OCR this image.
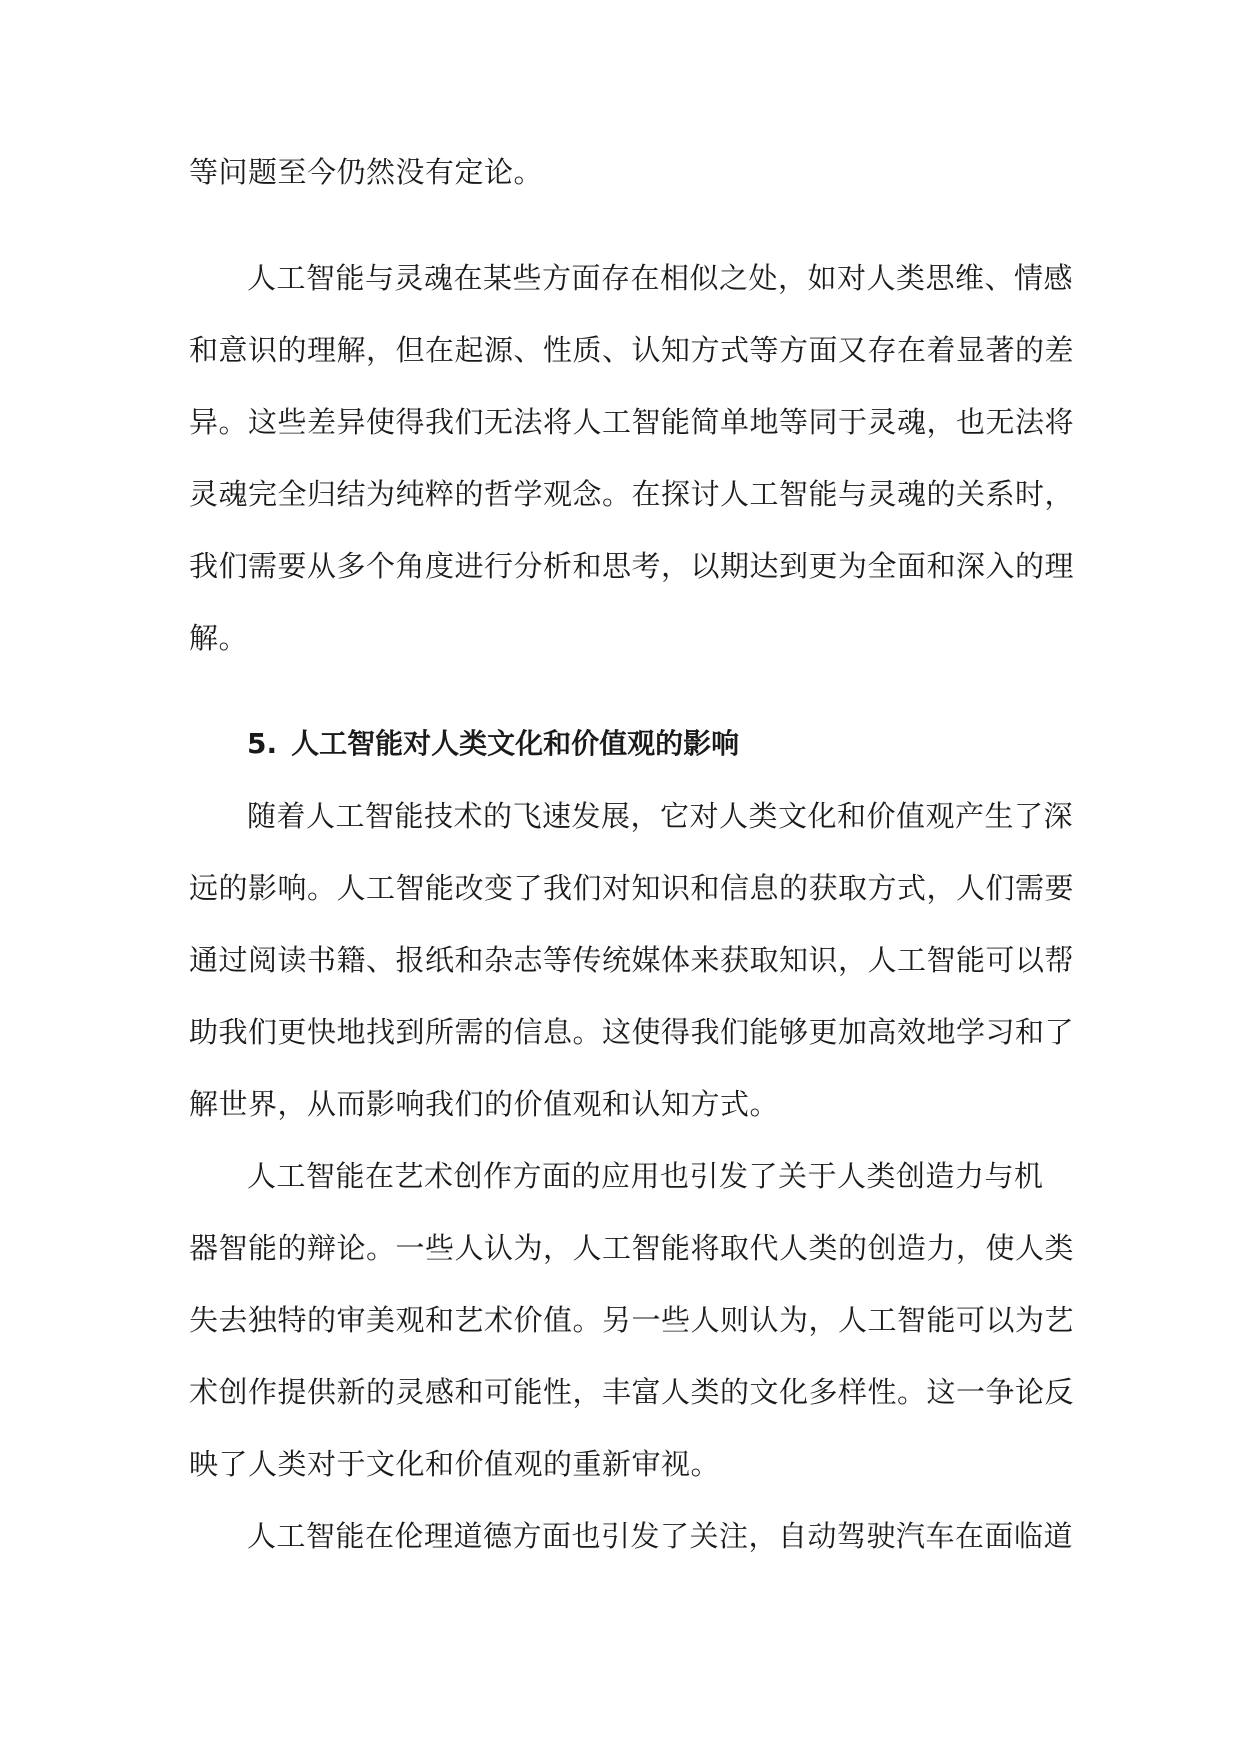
等问题至今仍然没有定论。
人工智能与灵魂在某些方面存在相似之处，如对人类思维、情感
和意识的理解，但在起源、性质、认知方式等方面又存在着显著的差
异。这些差异使得我们无法将人工智能简单地等同于灵魂，也无法将
灵魂完全归结为纯粹的哲学观念。在探讨人工智能与灵魂的关系时，
我们需要从多个角度进行分析和思考，以期达到更为全面和深入的理
解。
5. 人工智能对人类文化和价值观的影响
随着人工智能技术的飞速发展，它对人类文化和价值观产生了深
远的影响。人工智能改变了我们对知识和信息的获取方式，人们需要
通过阅读书籍、报纸和杂志等传统媒体来获取知识，人工智能可以帮
助我们更快地找到所需的信息。这使得我们能够更加高效地学习和了
解世界，从而影响我们的价值观和认知方式。
人工智能在艺术创作方面的应用也引发了关于人类创造力与机
器智能的辩论。一些人认为，人工智能将取代人类的创造力，使人类
失去独特的审美观和艺术价值。另一些人则认为，人工智能可以为艺
术创作提供新的灵感和可能性，丰富人类的文化多样性。这一争论反
映了人类对于文化和价值观的重新审视。
人工智能在伦理道德方面也引发了关注，自动驾驶汽车在面临道
